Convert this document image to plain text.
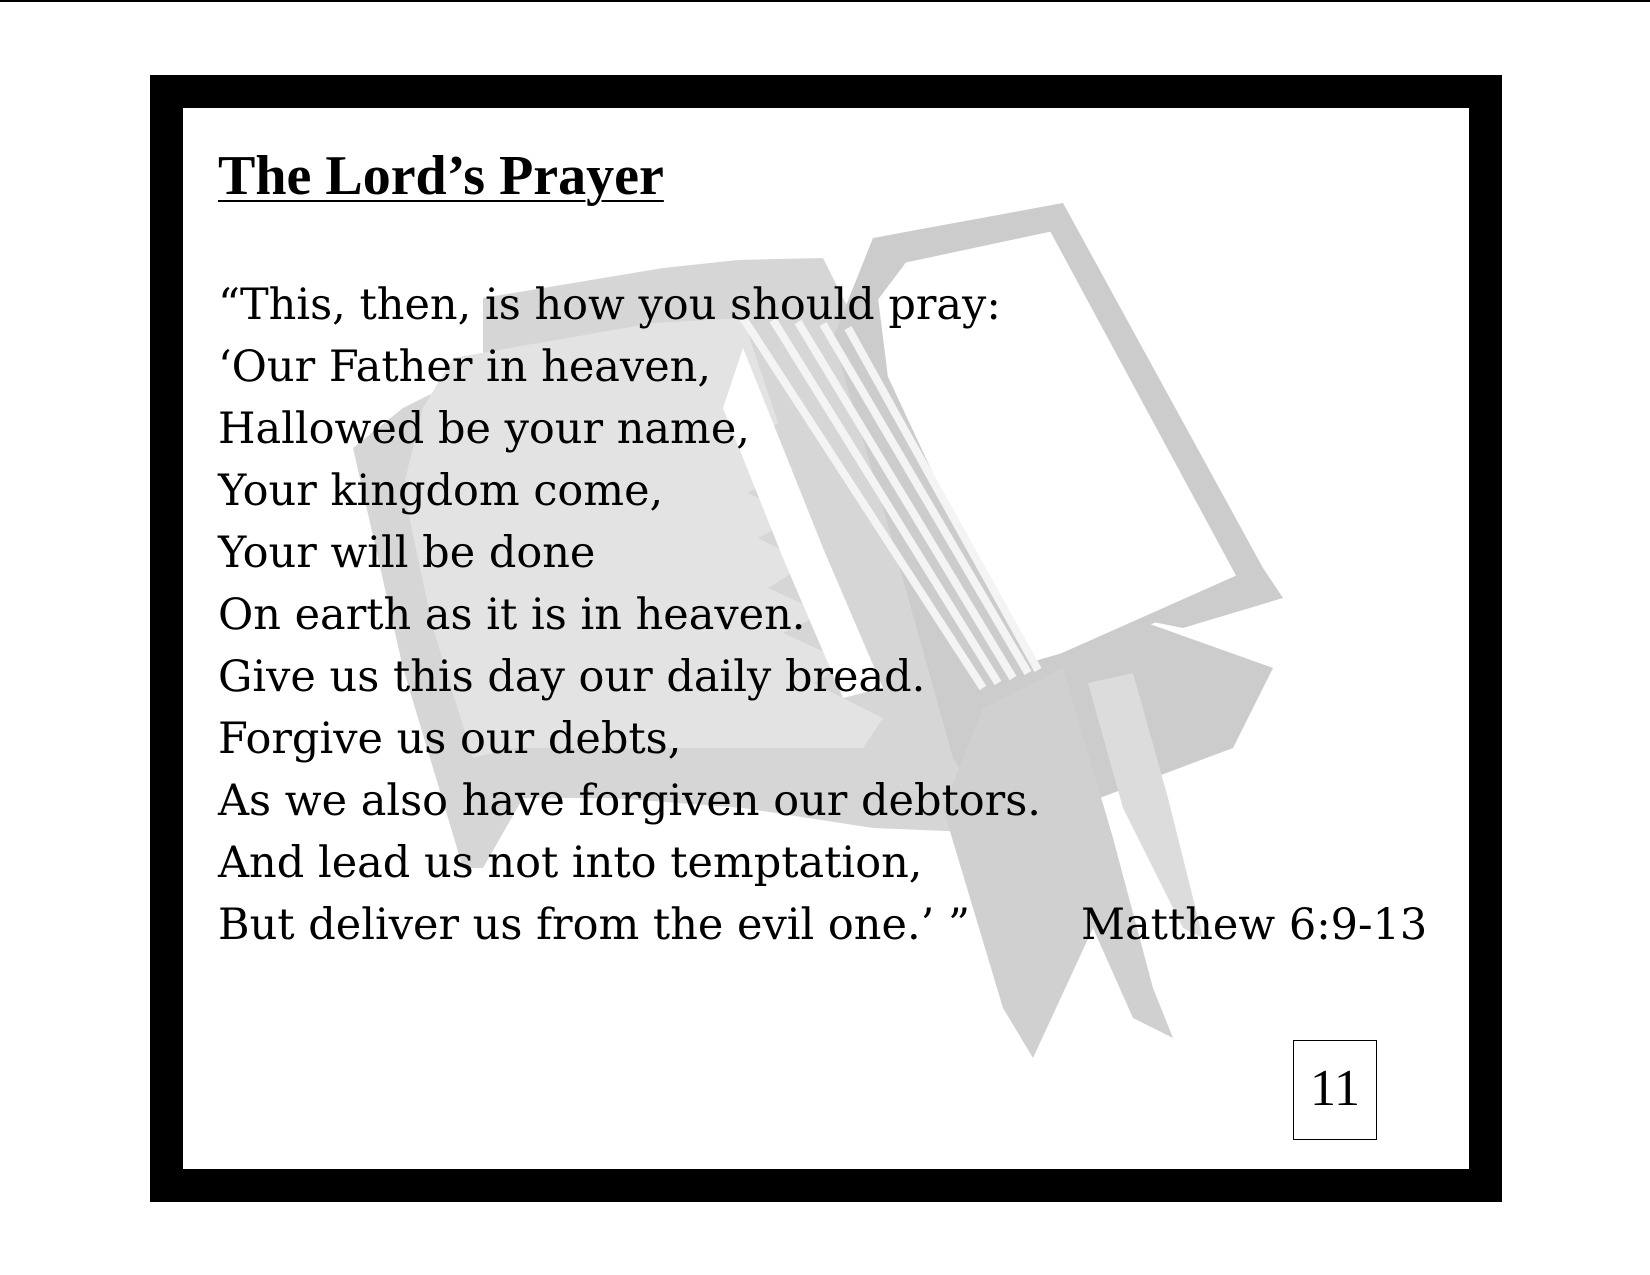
The Lord’s Prayer
“This, then, is how you should pray:
‘Our Father in heaven,
Hallowed be your name,
Your kingdom come,
Your will be done
On earth as it is in heaven.
Give us this day our daily bread.
Forgive us our debts,
As we also have forgiven our debtors.
And lead us not into temptation,
But deliver us from the evil one.’ ”	Matthew 6:9-13
11
